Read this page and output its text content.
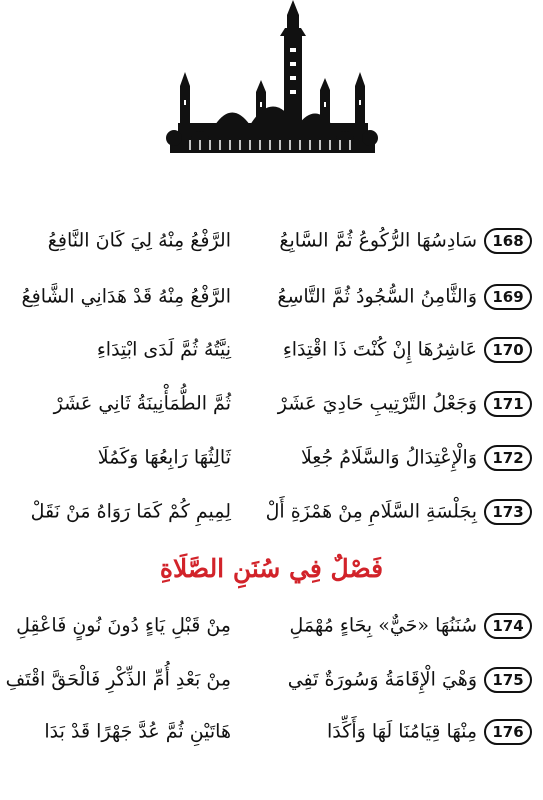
168
سَادِسُهَا الرُّكُوعُ ثُمَّ السَّابِعُ
الرَّفْعُ مِنْهُ لِيَ كَانَ النَّافِعُ
169
وَالثَّامِنُ السُّجُودُ ثُمَّ التَّاسِعُ
الرَّفْعُ مِنْهُ قَدْ هَدَانِي الشَّافِعُ
170
عَاشِرُهَا إِنْ كُنْتَ ذَا اقْتِدَاءِ
نِيَّتُهُ ثُمَّ لَدَى ابْتِدَاءِ
171
وَجَعْلُ التَّرْتِيبِ حَادِيَ عَشَرْ
ثُمَّ الطُّمَأْنِينَةُ ثَانِي عَشَرْ
172
وَالْإِعْتِدَالُ وَالسَّلَامُ جُعِلَا
ثَالِثُهَا رَابِعُهَا وَكَمُلَا
173
بِجَلْسَةِ السَّلَامِ مِنْ هَمْزَةِ أَلْ
لِمِيمِ كُمْ كَمَا رَوَاهُ مَنْ نَقَلْ
فَصْلٌ فِي سُنَنِ الصَّلَاةِ
174
سُنَنُهَا «حَيٌّ» بِحَاءٍ مُهْمَلِ
مِنْ قَبْلِ يَاءٍ دُونَ نُونٍ فَاعْقِلِ
175
وَهْيَ الْإِقَامَةُ وَسُورَةٌ تَفِي
مِنْ بَعْدِ أُمِّ الذِّكْرِ فَالْحَقَّ اقْتَفِ
176
مِنْهَا قِيَامُنَا لَهَا وَأَكِّدَا
هَاتَيْنِ ثُمَّ عُدَّ جَهْرًا قَدْ بَدَا
